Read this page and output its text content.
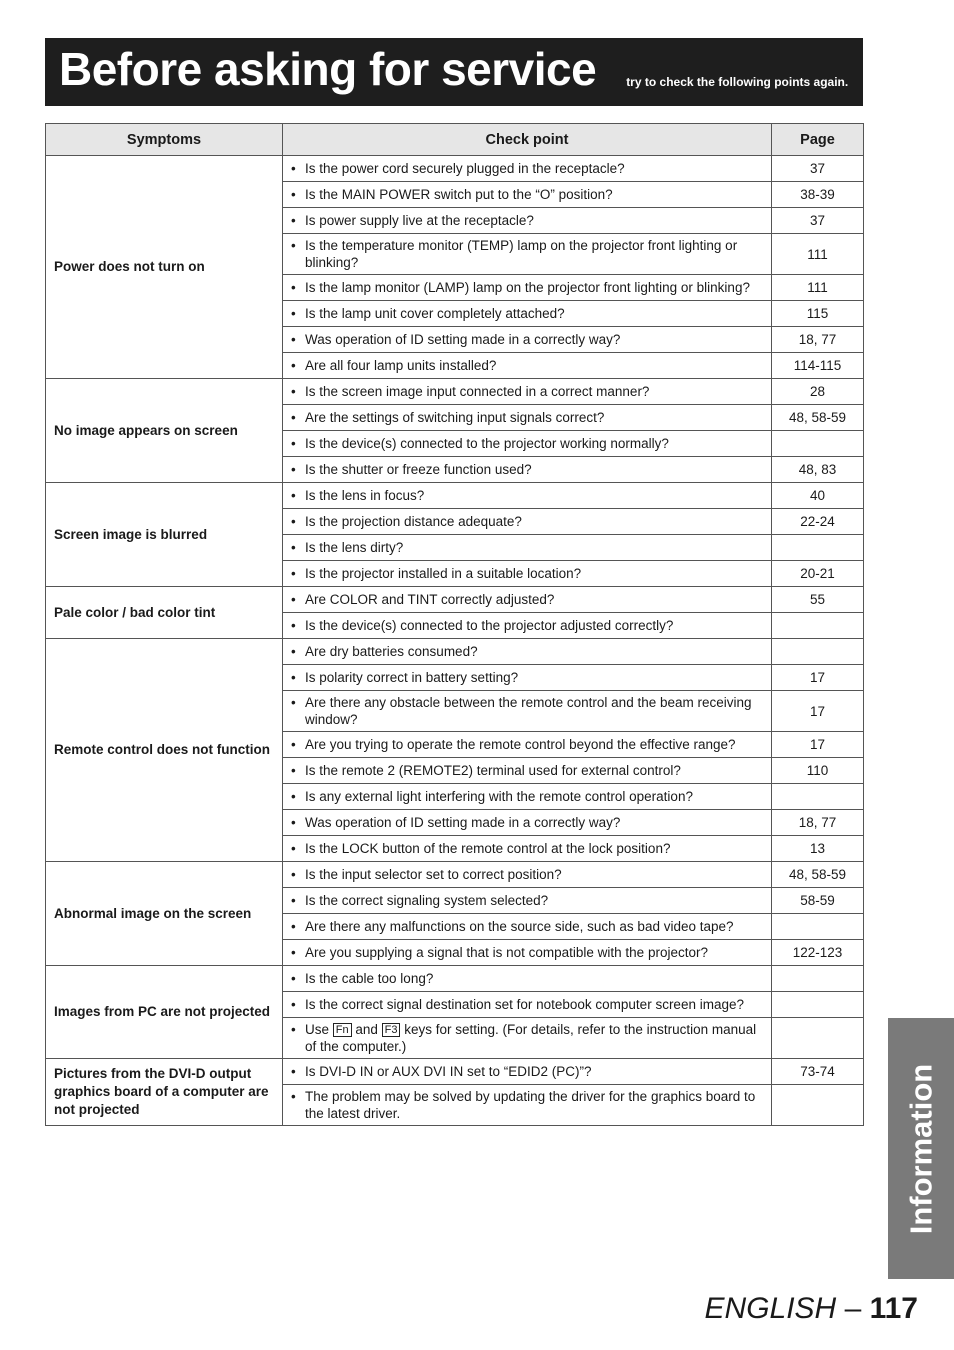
Before asking for service	try to check the following points again.
Symptoms	Check point	Page
Power does not turn on	• Is the power cord securely plugged in the receptacle?	37

	• Is the MAIN POWER switch put to the “O” position?	38-39

	• Is power supply live at the receptacle?	37

	• Is the temperature monitor (TEMP) lamp on the projector front lighting or blinking?	111

	• Is the lamp monitor (LAMP) lamp on the projector front lighting or blinking?	111

	• Is the lamp unit cover completely attached?	115

	• Was operation of ID setting made in a correctly way?	18, 77

	• Are all four lamp units installed?	114-115
No image appears on screen	• Is the screen image input connected in a correct manner?	28

	• Are the settings of switching input signals correct?	48, 58-59

	• Is the device(s) connected to the projector working normally?	

	• Is the shutter or freeze function used?	48, 83
Screen image is blurred	• Is the lens in focus?	40

	• Is the projection distance adequate?	22-24

	• Is the lens dirty?	

	• Is the projector installed in a suitable location?	20-21
Pale color / bad color tint	• Are COLOR and TINT correctly adjusted?	55

	• Is the device(s) connected to the projector adjusted correctly?	

Remote control does not function	• Are dry batteries consumed?	

	• Is polarity correct in battery setting?	17

	• Are there any obstacle between the remote control and the beam receiving window?	17

	• Are you trying to operate the remote control beyond the effective range?	17

	• Is the remote 2 (REMOTE2) terminal used for external control?	110

	• Is any external light interfering with the remote control operation?	

	• Was operation of ID setting made in a correctly way?	18, 77

	• Is the LOCK button of the remote control at the lock position?	13
Abnormal image on the screen	• Is the input selector set to correct position?	48, 58-59

	• Is the correct signaling system selected?	58-59

	• Are there any malfunctions on the source side, such as bad video tape?	

	• Are you supplying a signal that is not compatible with the projector?	122-123
Images from PC are not projected	• Is the cable too long?	

	• Is the correct signal destination set for notebook computer screen image?	

	• Use Fn and F3 keys for setting. (For details, refer to the instruction manual of the computer.)	

Pictures from the DVI-D output graphics board of a computer are not projected	• Is DVI-D IN or AUX DVI IN set to “EDID2 (PC)”?	73-74

	• The problem may be solved by updating the driver for the graphics board to the latest driver.	
		Information
ENGLISH – 117
